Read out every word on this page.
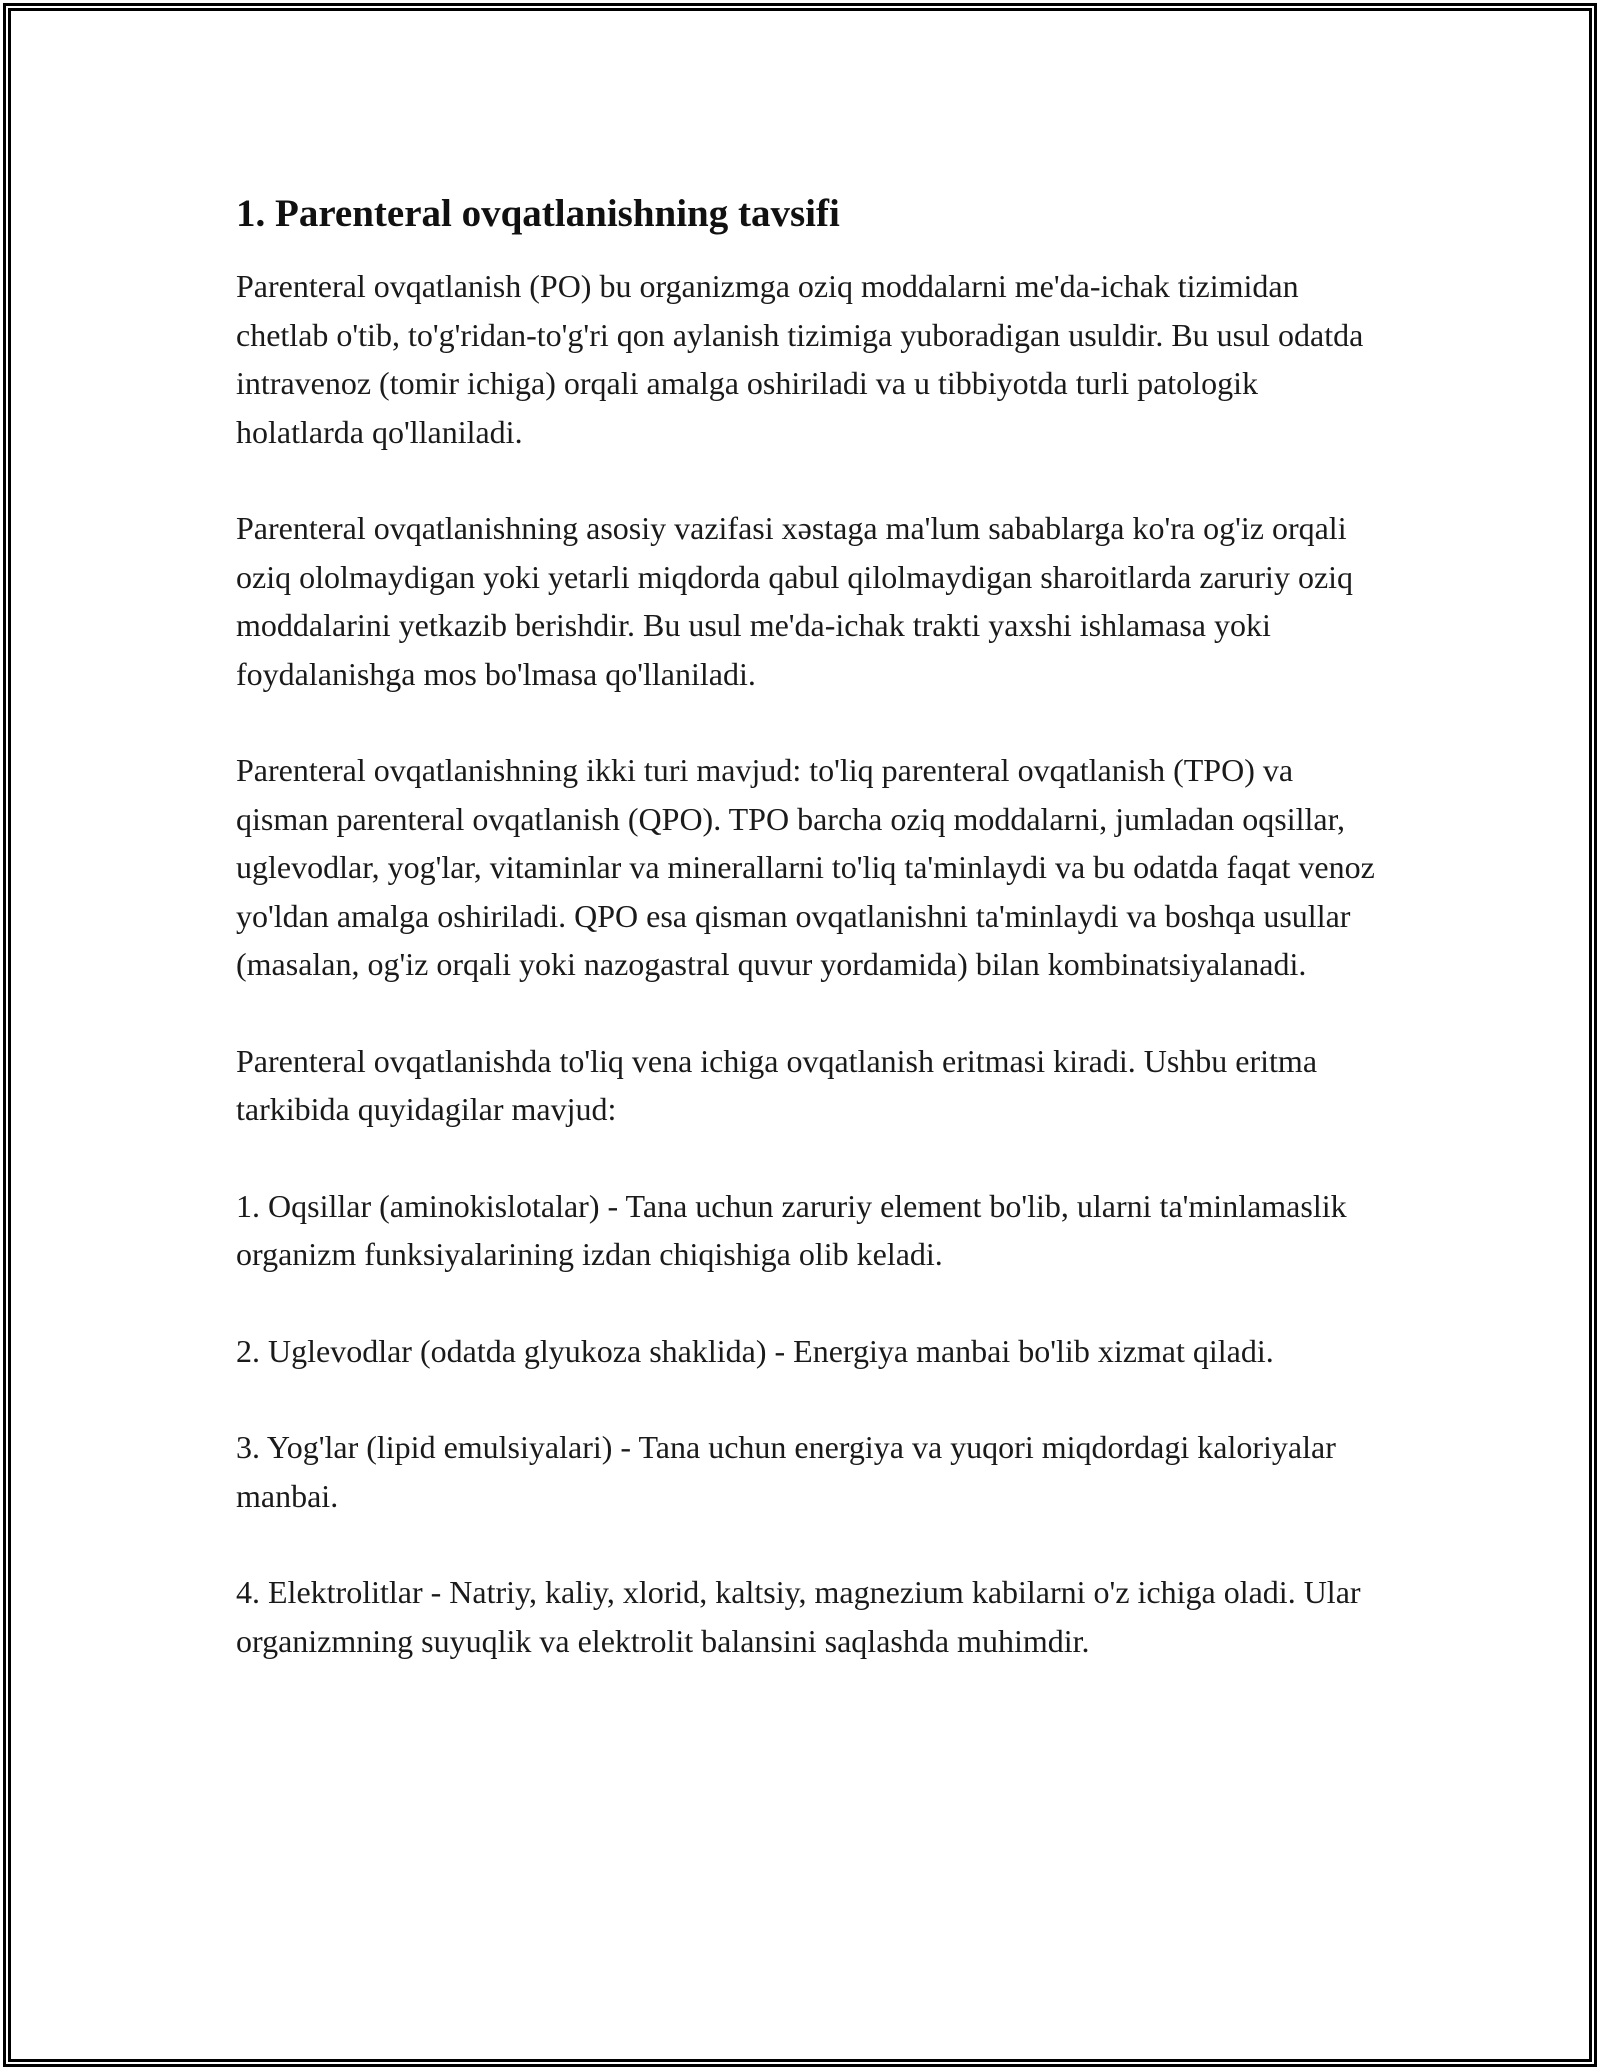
1. Parenteral ovqatlanishning tavsifi

Parenteral ovqatlanish (PO) bu organizmga oziq moddalarni me'da-ichak tizimidan chetlab o'tib, to'g'ridan-to'g'ri qon aylanish tizimiga yuboradigan usuldir. Bu usul odatda intravenoz (tomir ichiga) orqali amalga oshiriladi va u tibbiyotda turli patologik holatlarda qo'llaniladi.

Parenteral ovqatlanishning asosiy vazifasi xəstaga ma'lum sabablarga ko'ra og'iz orqali oziq ololmaydigan yoki yetarli miqdorda qabul qilolmaydigan sharoitlarda zaruriy oziq moddalarini yetkazib berishdir. Bu usul me'da-ichak trakti yaxshi ishlamasa yoki foydalanishga mos bo'lmasa qo'llaniladi.

Parenteral ovqatlanishning ikki turi mavjud: to'liq parenteral ovqatlanish (TPO) va qisman parenteral ovqatlanish (QPO). TPO barcha oziq moddalarni, jumladan oqsillar, uglevodlar, yog'lar, vitaminlar va minerallarni to'liq ta'minlaydi va bu odatda faqat venoz yo'ldan amalga oshiriladi. QPO esa qisman ovqatlanishni ta'minlaydi va boshqa usullar (masalan, og'iz orqali yoki nazogastral quvur yordamida) bilan kombinatsiyalanadi.

Parenteral ovqatlanishda to'liq vena ichiga ovqatlanish eritmasi kiradi. Ushbu eritma tarkibida quyidagilar mavjud:

1. Oqsillar (aminokislotalar) - Tana uchun zaruriy element bo'lib, ularni ta'minlamaslik organizm funksiyalarining izdan chiqishiga olib keladi.

2. Uglevodlar (odatda glyukoza shaklida) - Energiya manbai bo'lib xizmat qiladi.

3. Yog'lar (lipid emulsiyalari) - Tana uchun energiya va yuqori miqdordagi kaloriyalar manbai.

4. Elektrolitlar - Natriy, kaliy, xlorid, kaltsiy, magnezium kabilarni o'z ichiga oladi. Ular organizmning suyuqlik va elektrolit balansini saqlashda muhimdir.
